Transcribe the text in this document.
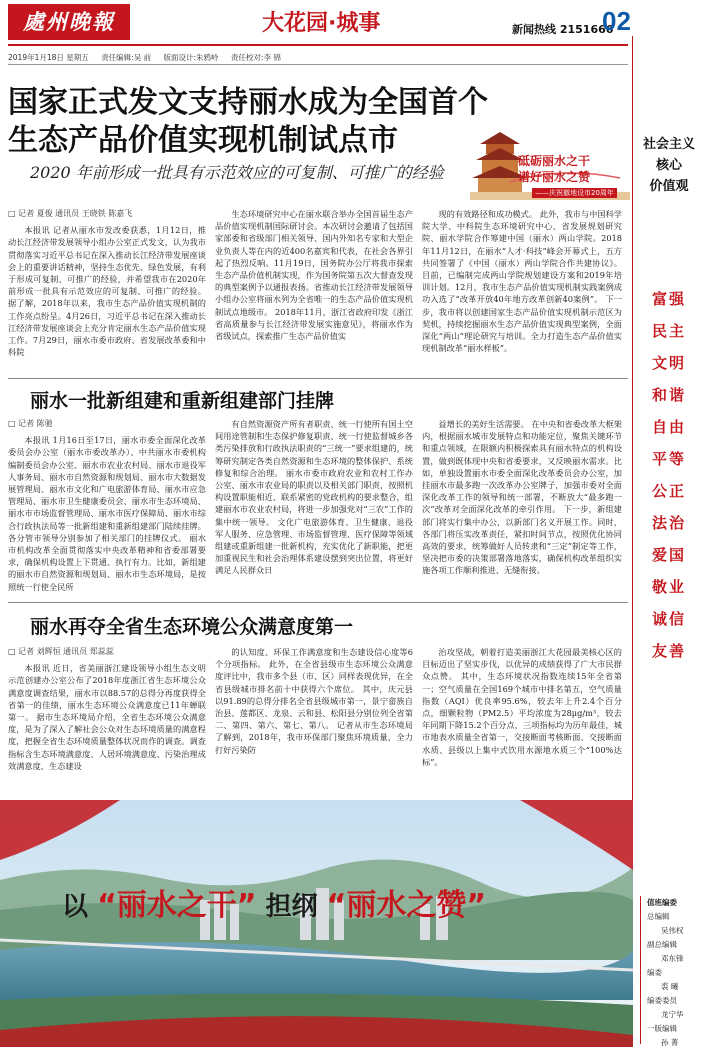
處州晚報	大花园·城事	新闻热线 2151666
02
2019年1月18日 星期五 责任编辑:吴 前 版面设计:朱鸦岭 责任校对:李 锦
国家正式发文支持丽水成为全国首个
生态产品价值实现机制试点市
2020 年前形成一批具有示范效应的可复制、可推广的经验
砥砺丽水之干
谱好丽水之赞
——庆祝撤地设市20周年
□ 记者 夏俊 通讯员 王晓铁 陈嘉飞
本报讯 记者从丽水市发改委获悉，1月12日，推动长江经济带发展领导小组办公室正式发文，认为我市贯彻落实习近平总书记在深入推动长江经济带发展座谈会上的重要讲话精神，坚持生态优先、绿色发展，有利于形成可复制、可推广的经验，并希望我市在2020年前形成一批具有示范效应的可复制、可推广的经验。 据了解，2018年以来，我市生态产品价值实现机制的工作亮点纷呈。4月26日，习近平总书记在深入推动长江经济带发展座谈会上充分肯定丽水生态产品价值实现工作。7月29日，丽水市委市政府、省发展改革委和中科院
生态环境研究中心在丽水联合举办全国首届生态产品价值实现机制国际研讨会。本次研讨会邀请了包括国家部委和省级部门相关领导、国内外知名专家和大型企业负责人等在内的近400名嘉宾和代表，在社会各界引起了热烈反响。11月19日，国务院办公厅将我市探索生态产品价值机制实现，作为国务院第五次大督查发现的典型案例予以通报表扬。省推动长江经济带发展领导小组办公室将丽水列为全省唯一的生态产品价值实现机制试点地级市。 2018年11月，浙江省政府印发《浙江省高质量参与长江经济带发展实施意见》，将丽水作为省级试点，探索推广生态产品价值实
现的有效路径和成功模式。 此外，我市与中国科学院大学、中科院生态环境研究中心、省发展规划研究院、丽水学院合作筹建中国（丽水）两山学院。2018年11月12日，在丽水“人才·科技”峰会开幕式上，五方共同签署了《中国（丽水）两山学院合作共建协议》。目前，已编制完成两山学院规划建设方案和2019年培训计划。12月，我市生态产品价值实现机制实践案例成功入选了“改革开放40年地方改革创新40案例”。 下一步，我市将以创建国家生态产品价值实现机制示范区为契机，持续挖掘丽水生态产品价值实现典型案例，全面深化“两山”理论研究与培训。全力打造生态产品价值实现机制改革“丽水样板”。
丽水一批新组建和重新组建部门挂牌
□ 记者 陈驰
本报讯 1月16日至17日，丽水市委全面深化改革委员会办公室（丽水市委改革办）、中共丽水市委机构编制委员会办公室、丽水市农业农村局、丽水市退役军人事务局、丽水市自然资源和规划局、丽水市大数据发展管理局、丽水市文化和广电旅游体育局、丽水市应急管理局、丽水市卫生健康委员会、丽水市生态环境局、丽水市市场监督管理局、丽水市医疗保障局、丽水市综合行政执法局等一批新组建和重新组建部门陆续挂牌。各分管市领导分别参加了相关部门的挂牌仪式。 丽水市机构改革全面贯彻落实中央改革精神和省委部署要求，确保机构设置上下贯通、执行有力。比如，新组建的丽水市自然资源和规划局、丽水市生态环境局，是按照统一行使全民所
有自然资源资产所有者职责、统一行使所有国土空间用途管制和生态保护修复职责、统一行使监督城乡各类污染排放和行政执法职责的“三统一”要求组建的，统筹研究制定各类自然资源和生态环境的整体保护、系统修复和综合治理。 丽水市委市政府农业和农村工作办公室、丽水市农业局的职责以及相关部门职责，按照机构设置职能相近、联系紧密的党政机构的要求整合，组建丽水市农业农村局，将进一步加强党对“三农”工作的集中统一领导。 文化广电旅游体育、卫生健康、退役军人服务、应急管理、市场监督管理、医疗保障等领域组建或重新组建一批新机构，充实优化了新职能，把更加重视民生和社会治理体系建设摆到突出位置，将更好满足人民群众日
益增长的美好生活需要。 在中央和省委改革大框架内，根据丽水城市发展特点和功能定位，聚焦关键环节和重点领域，在限额内积极探索具有丽水特点的机构设置，做到既体现中央和省委要求，又反映丽水需求。比如，单独设置丽水市委全面深化改革委员会办公室，加挂丽水市最多跑一次改革办公室牌子，加强市委对全面深化改革工作的领导和统一部署，不断放大“最多跑一次”改革对全面深化改革的牵引作用。 下一步，新组建部门将实行集中办公，以新部门名义开展工作。同时，各部门将压实改革责任，紧扣时间节点，按照优化协同高效的要求，统筹做好人员转隶和“三定”制定等工作，坚决把市委的决策部署落地落实，确保机构改革组织实施各项工作顺利推进、无缝衔接。
丽水再夺全省生态环境公众满意度第一
□ 记者 刘辉恒 通讯员 郑蕊蕊
本报讯 近日，省美丽浙江建设领导小组生态文明示范创建办公室公布了2018年度浙江省生态环境公众满意度调查结果，丽水市以88.57的总得分再度获得全省第一的佳绩，丽水生态环境公众满意度已11年蝉联第一。 据市生态环境局介绍，全省生态环境公众满意度，是为了深入了解社会公众对生态环境质量的满意程度，把握全省生态环境质量整体状况而作的调查。调查指标含生态环境满意度、人居环境满意度、污染治理成效满意度、生态建设
的认知度、环保工作满意度和生态建设信心度等6个分项指标。 此外，在全省县级市生态环境公众满意度评比中，我市多个县（市、区）同样表现优异，在全省县级城市排名前十中获得六个席位。 其中，庆元县以91.89的总得分排名全省县级城市第一，景宁畲族自治县、莲都区、龙泉、云和县、松阳县分别位列全省第二、第四、第六、第七、第八。 记者从市生态环境局了解到，2018年，我市环保部门聚焦环境质量，全力打好污染防
治攻坚战，朝着打造美丽浙江大花园最美核心区的目标迈出了坚实步伐，以优异的成绩获得了广大市民群众点赞。 其中，生态环境状况指数连续15年全省第一；空气质量在全国169个城市中排名第五，空气质量指数（AQI）优良率95.6%，较去年上升2.4个百分点，细颗粒物（PM2.5）平均浓度为28μg/m³，较去年同期下降15.2个百分点，三项指标均为历年最佳，城市地表水质量全省第一，交接断面考核断面、交接断面水质、县级以上集中式饮用水源地水质三个“100%达标”。
社会主义
核心
价值观
富强
民主
文明
和谐
自由
平等
公正
法治
爱国
敬业
诚信
友善
以 “丽水之干” 担纲 “丽水之赞”	值班编委
总编辑
吴伟权
副总编辑
邓东锋
编委
裘 曦
编委委员
龙宁华
一版编辑
孙 菁
